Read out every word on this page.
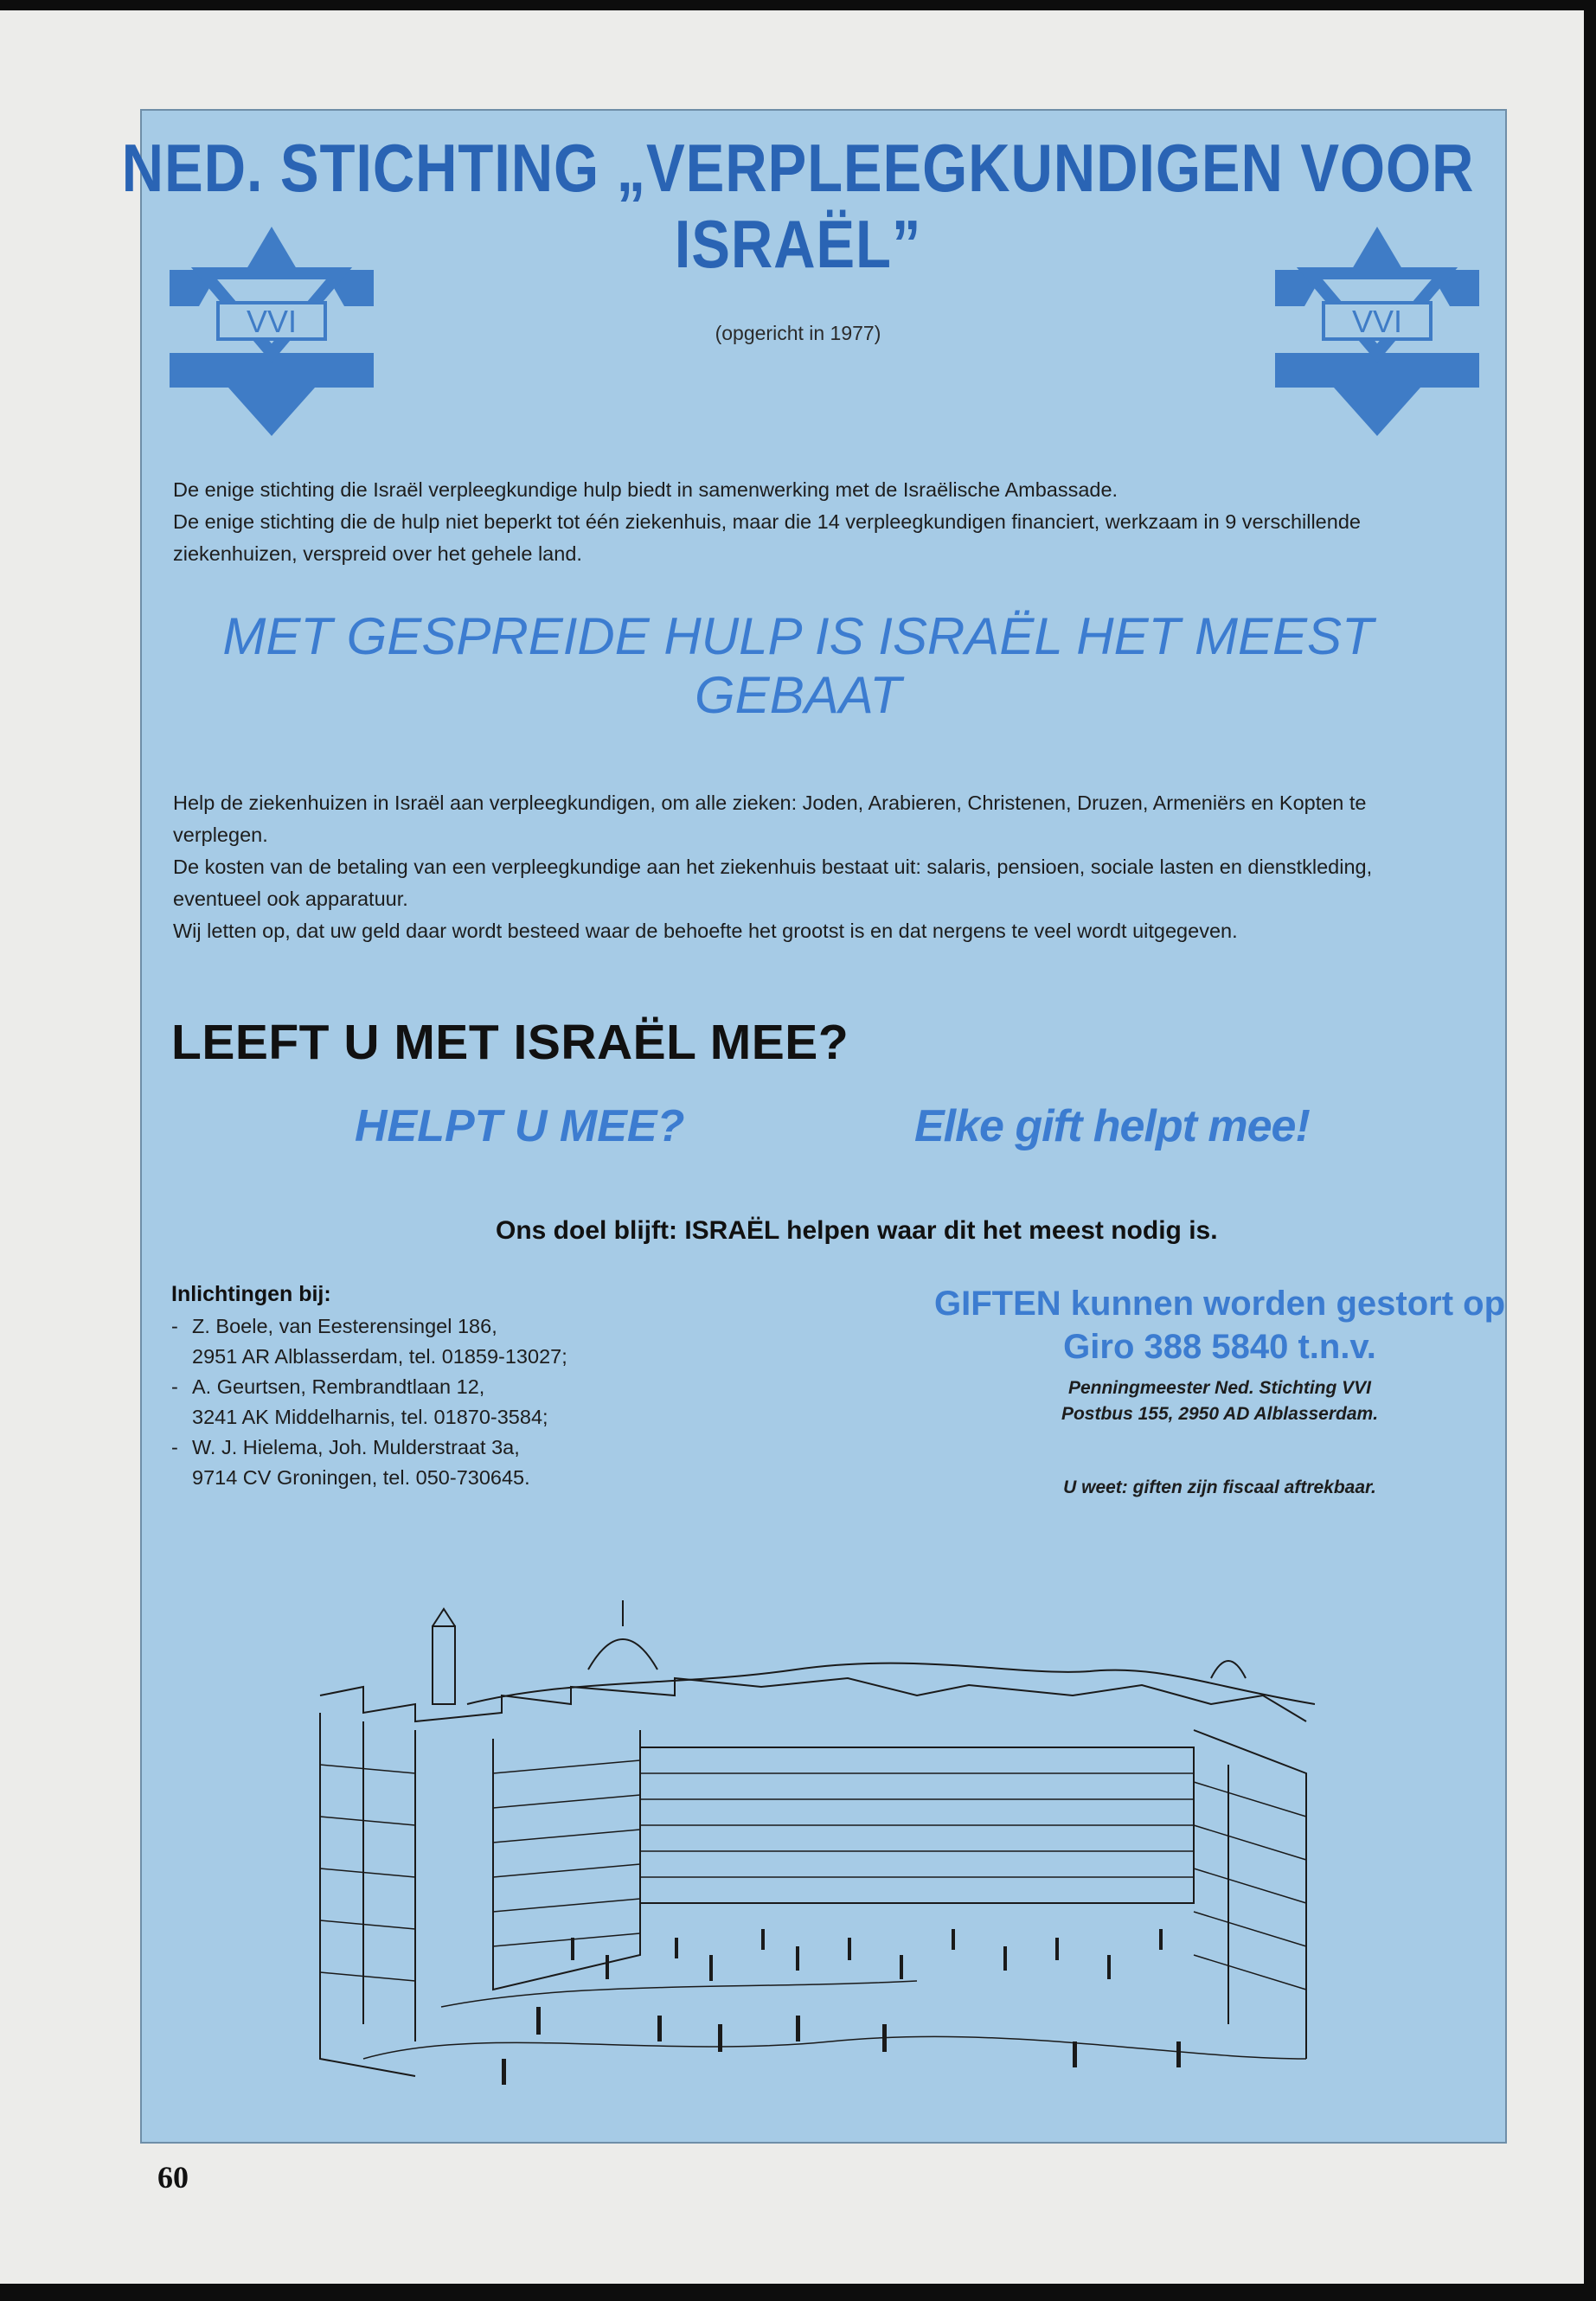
NED. STICHTING „VERPLEEGKUNDIGEN VOOR
ISRAËL”
(opgericht in 1977)
VVI	VVI

De enige stichting die Israël verpleegkundige hulp biedt in samenwerking met de Israëlische Ambassade.

De enige stichting die de hulp niet beperkt tot één ziekenhuis, maar die 14 verpleegkundigen financiert, werkzaam in 9 verschillende ziekenhuizen, verspreid over het gehele land.

MET GESPREIDE HULP IS ISRAËL HET MEEST
GEBAAT

Help de ziekenhuizen in Israël aan verpleegkundigen, om alle zieken: Joden, Arabieren, Christenen, Druzen, Armeniërs en Kopten te verplegen.

De kosten van de betaling van een verpleegkundige aan het ziekenhuis bestaat uit: salaris, pensioen, sociale lasten en dienstkleding, eventueel ook apparatuur.

Wij letten op, dat uw geld daar wordt besteed waar de behoefte het grootst is en dat nergens te veel wordt uitgegeven.

LEEFT U MET ISRAËL MEE?
HELPT U MEE?	Elke gift helpt mee!
Ons doel blijft: ISRAËL helpen waar dit het meest nodig is.
Inlichtingen bij:
- Z. Boele, van Eesterensingel 186,
2951 AR Alblasserdam, tel. 01859-13027;
- A. Geurtsen, Rembrandtlaan 12,
3241 AK Middelharnis, tel. 01870-3584;
- W. J. Hielema, Joh. Mulderstraat 3a,
9714 CV Groningen, tel. 050-730645.
GIFTEN kunnen worden gestort op
Giro 388 5840 t.n.v.
Penningmeester Ned. Stichting VVI
Postbus 155, 2950 AD Alblasserdam.
U weet: giften zijn fiscaal aftrekbaar.
60
